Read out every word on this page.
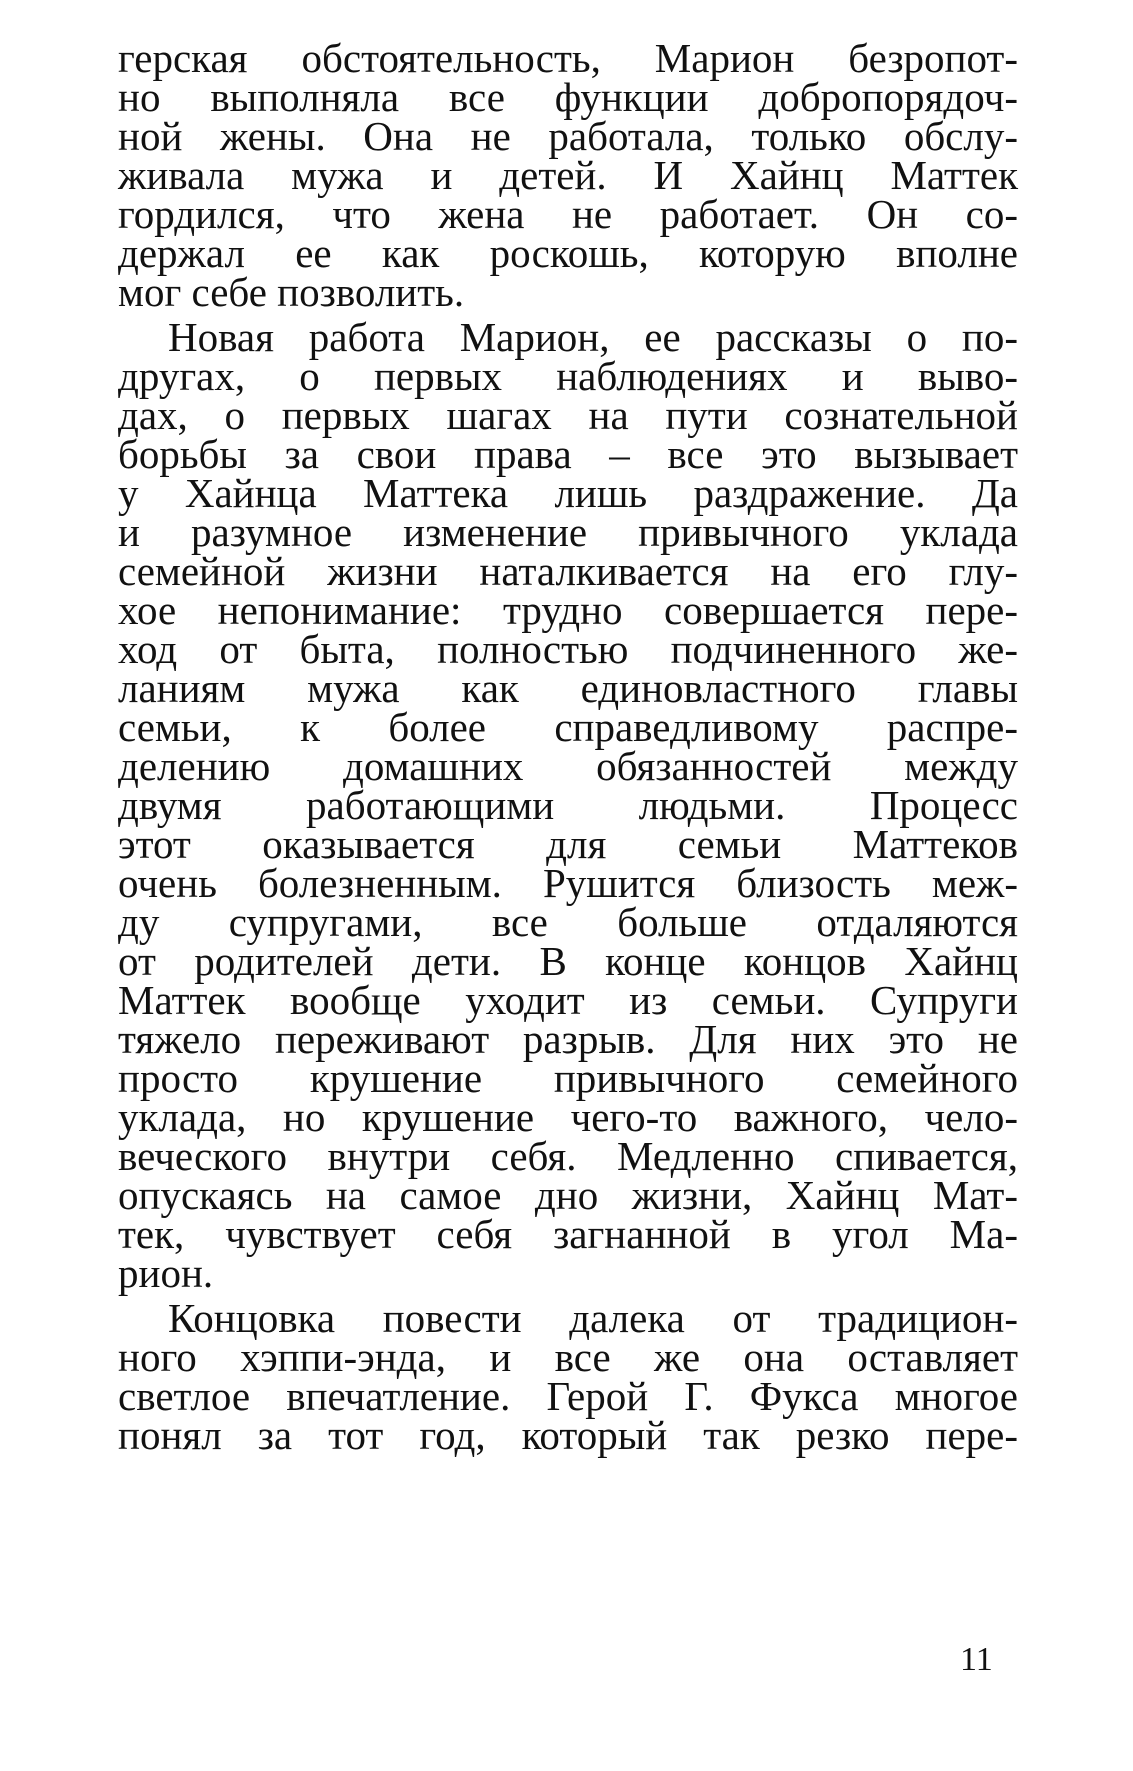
герская обстоятельность, Марион безропот-
но выполняла все функции добропорядоч-
ной жены. Она не работала, только обслу-
живала мужа и детей. И Хайнц Маттек
гордился, что жена не работает. Он со-
держал ее как роскошь, которую вполне
мог себе позволить.
Новая работа Марион, ее рассказы о по-
другах, о первых наблюдениях и выво-
дах, о первых шагах на пути сознательной
борьбы за свои права – все это вызывает
у Хайнца Маттека лишь раздражение. Да
и разумное изменение привычного уклада
семейной жизни наталкивается на его глу-
хое непонимание: трудно совершается пере-
ход от быта, полностью подчиненного же-
ланиям мужа как единовластного главы
семьи, к более справедливому распре-
делению домашних обязанностей между
двумя работающими людьми. Процесс
этот оказывается для семьи Маттеков
очень болезненным. Рушится близость меж-
ду супругами, все больше отдаляются
от родителей дети. В конце концов Хайнц
Маттек вообще уходит из семьи. Супруги
тяжело переживают разрыв. Для них это не
просто крушение привычного семейного
уклада, но крушение чего-то важного, чело-
веческого внутри себя. Медленно спивается,
опускаясь на самое дно жизни, Хайнц Мат-
тек, чувствует себя загнанной в угол Ма-
рион.
Концовка повести далека от традицион-
ного хэппи-энда, и все же она оставляет
светлое впечатление. Герой Г. Фукса многое
понял за тот год, который так резко пере-
11
